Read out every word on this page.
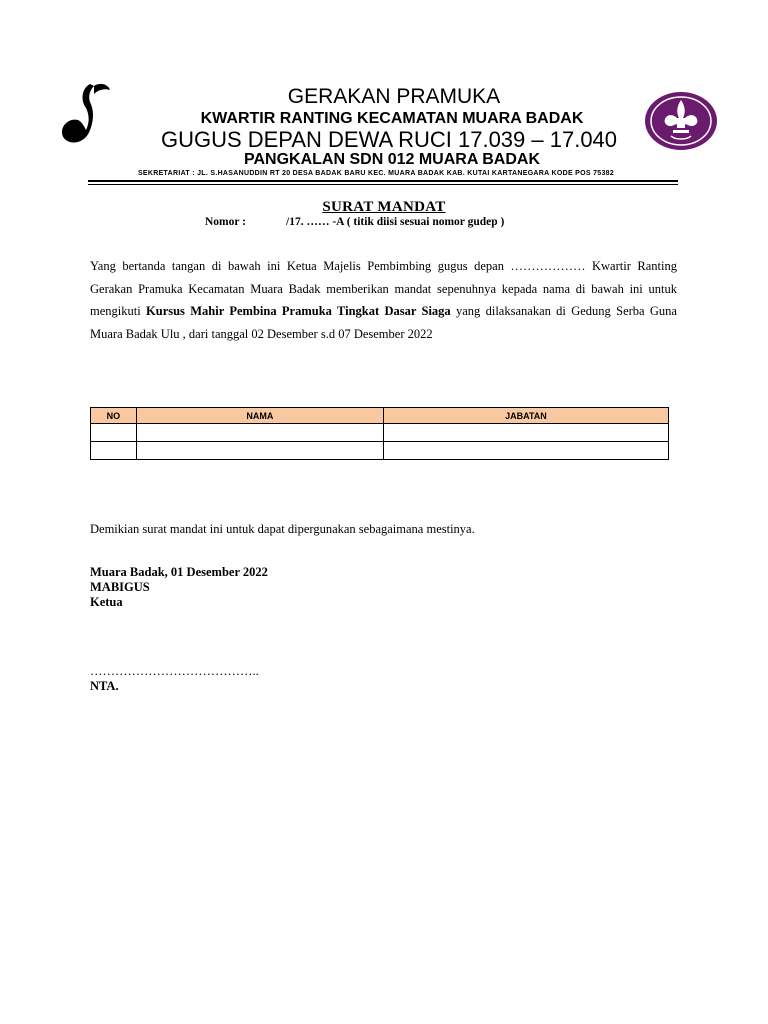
GERAKAN PRAMUKA
KWARTIR RANTING KECAMATAN MUARA BADAK
GUGUS DEPAN DEWA RUCI 17.039 – 17.040
PANGKALAN SDN 012 MUARA BADAK
SEKRETARIAT : JL. S.HASANUDDIN RT 20 DESA BADAK BARU KEC. MUARA BADAK KAB. KUTAI KARTANEGARA KODE POS 75382
SURAT MANDAT
Nomor :	/17. …… -A ( titik diisi sesuai nomor gudep )
Yang bertanda tangan di bawah ini Ketua Majelis Pembimbing gugus depan ……………… Kwartir Ranting Gerakan Pramuka Kecamatan Muara Badak memberikan mandat sepenuhnya kepada nama di bawah ini untuk mengikuti Kursus Mahir Pembina Pramuka Tingkat Dasar Siaga yang dilaksanakan di Gedung Serba Guna Muara Badak Ulu , dari tanggal 02 Desember s.d 07 Desember 2022
NO	NAMA	JABATAN

Demikian surat mandat ini untuk dapat dipergunakan sebagaimana mestinya.
Muara Badak, 01 Desember 2022
MABIGUS
Ketua
…………………………………..
NTA.
